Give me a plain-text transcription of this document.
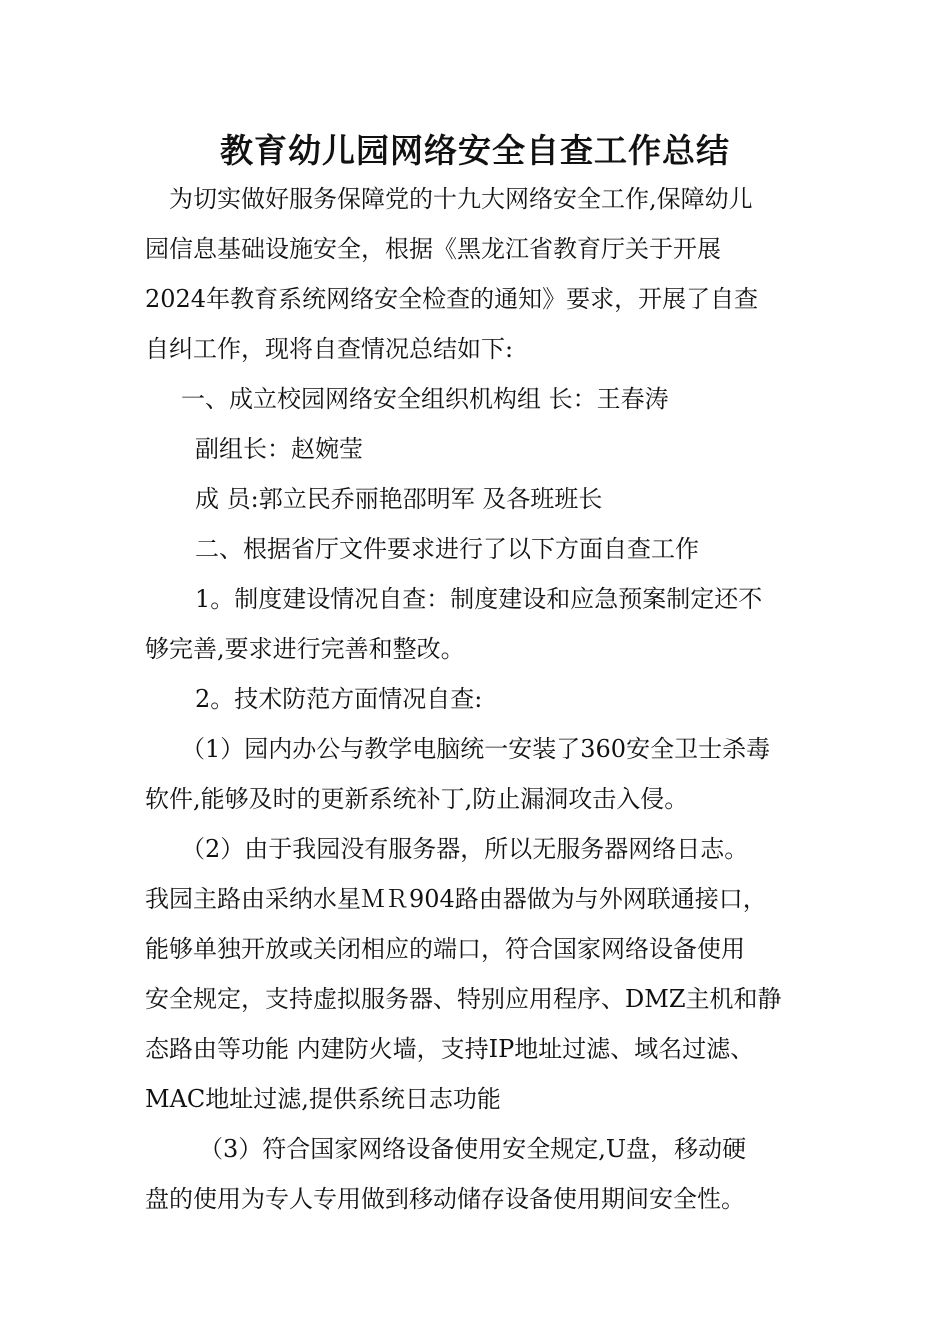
教育幼儿园网络安全自查工作总结
为切实做好服务保障党的十九大网络安全工作,保障幼儿
园信息基础设施安全，根据《黑龙江省教育厅关于开展
2024年教育系统网络安全检查的通知》要求，开展了自查
自纠工作，现将自查情况总结如下:
一、成立校园网络安全组织机构组 长：王春涛
副组长：赵婉莹
成 员:郭立民乔丽艳邵明军 及各班班长
二、根据省厅文件要求进行了以下方面自查工作
1。制度建设情况自查：制度建设和应急预案制定还不
够完善,要求进行完善和整改。
2。技术防范方面情况自查:
（1）园内办公与教学电脑统一安装了360安全卫士杀毒
软件,能够及时的更新系统补丁,防止漏洞攻击入侵。
（2）由于我园没有服务器，所以无服务器网络日志。
我园主路由采纳水星ＭＲ904路由器做为与外网联通接口，
能够单独开放或关闭相应的端口，符合国家网络设备使用
安全规定，支持虚拟服务器、特别应用程序、DMZ主机和静
态路由等功能 内建防火墙，支持IP地址过滤、域名过滤、
MAC地址过滤,提供系统日志功能
（3）符合国家网络设备使用安全规定,U盘，移动硬
盘的使用为专人专用做到移动储存设备使用期间安全性。
